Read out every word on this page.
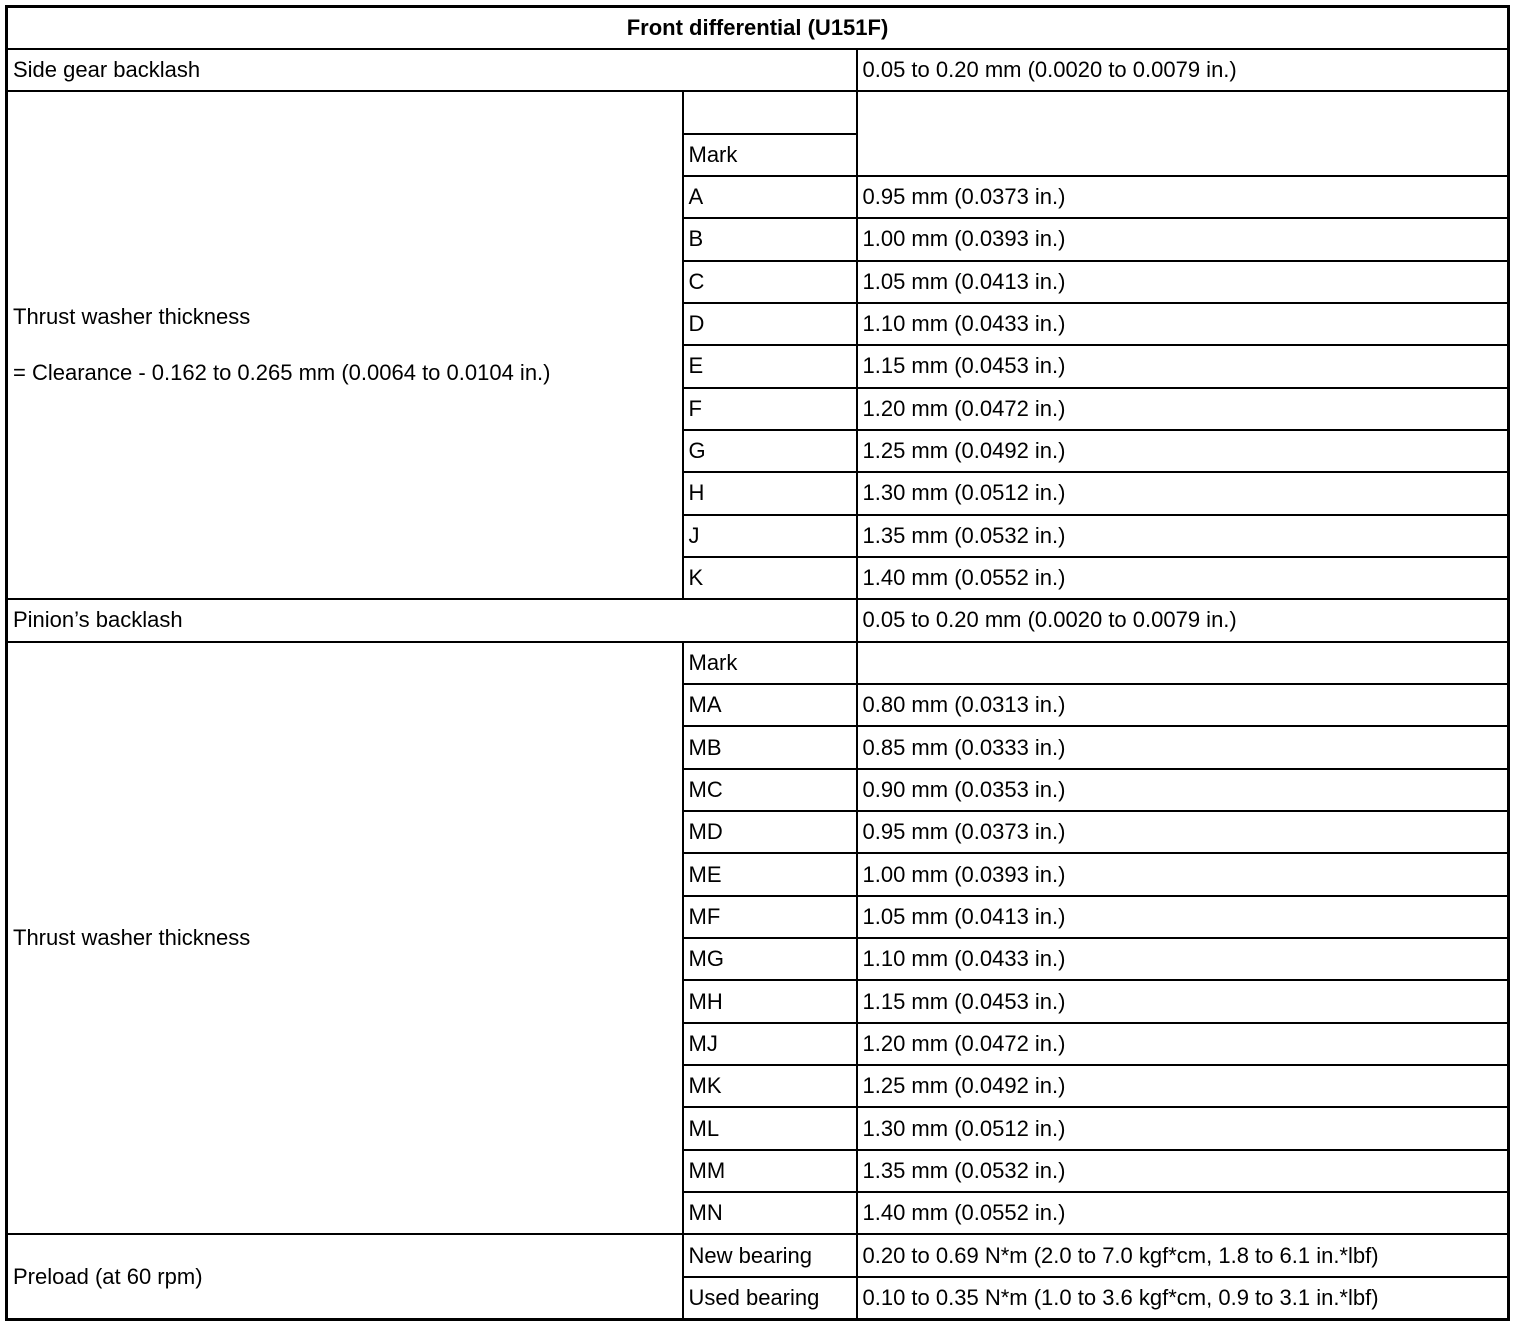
Front differential (U151F)		
Side gear backlash		0.05 to 0.20 mm (0.0020 to 0.0079 in.)
Thrust washer thickness
= Clearance - 0.162 to 0.265 mm (0.0064 to 0.0104 in.)		

	Mark	
	A	0.95 mm (0.0373 in.)
	B	1.00 mm (0.0393 in.)
	C	1.05 mm (0.0413 in.)
	D	1.10 mm (0.0433 in.)
	E	1.15 mm (0.0453 in.)
	F	1.20 mm (0.0472 in.)
	G	1.25 mm (0.0492 in.)
	H	1.30 mm (0.0512 in.)
	J	1.35 mm (0.0532 in.)
	K	1.40 mm (0.0552 in.)
Pinion’s backlash		0.05 to 0.20 mm (0.0020 to 0.0079 in.)
Thrust washer thickness	Mark	
	MA	0.80 mm (0.0313 in.)
	MB	0.85 mm (0.0333 in.)
	MC	0.90 mm (0.0353 in.)
	MD	0.95 mm (0.0373 in.)
	ME	1.00 mm (0.0393 in.)
	MF	1.05 mm (0.0413 in.)
	MG	1.10 mm (0.0433 in.)
	MH	1.15 mm (0.0453 in.)
	MJ	1.20 mm (0.0472 in.)
	MK	1.25 mm (0.0492 in.)
	ML	1.30 mm (0.0512 in.)
	MM	1.35 mm (0.0532 in.)
	MN	1.40 mm (0.0552 in.)
Preload (at 60 rpm)	New bearing	0.20 to 0.69 N*m (2.0 to 7.0 kgf*cm, 1.8 to 6.1 in.*lbf)
	Used bearing	0.10 to 0.35 N*m (1.0 to 3.6 kgf*cm, 0.9 to 3.1 in.*lbf)
